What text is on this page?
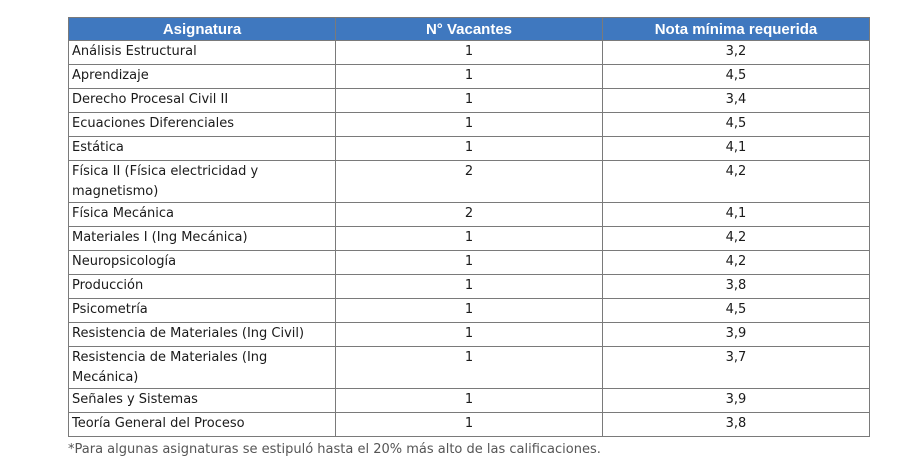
Asignatura	N° Vacantes	Nota mínima requerida
Análisis Estructural	1	3,2
Aprendizaje	1	4,5
Derecho Procesal Civil II	1	3,4
Ecuaciones Diferenciales	1	4,5
Estática	1	4,1
Física II (Física electricidad y magnetismo)	2	4,2
Física Mecánica	2	4,1
Materiales I (Ing Mecánica)	1	4,2
Neuropsicología	1	4,2
Producción	1	3,8
Psicometría	1	4,5
Resistencia de Materiales (Ing Civil)	1	3,9
Resistencia de Materiales (Ing Mecánica)	1	3,7
Señales y Sistemas	1	3,9
Teoría General del Proceso	1	3,8
*Para algunas asignaturas se estipuló hasta el 20% más alto de las calificaciones.
